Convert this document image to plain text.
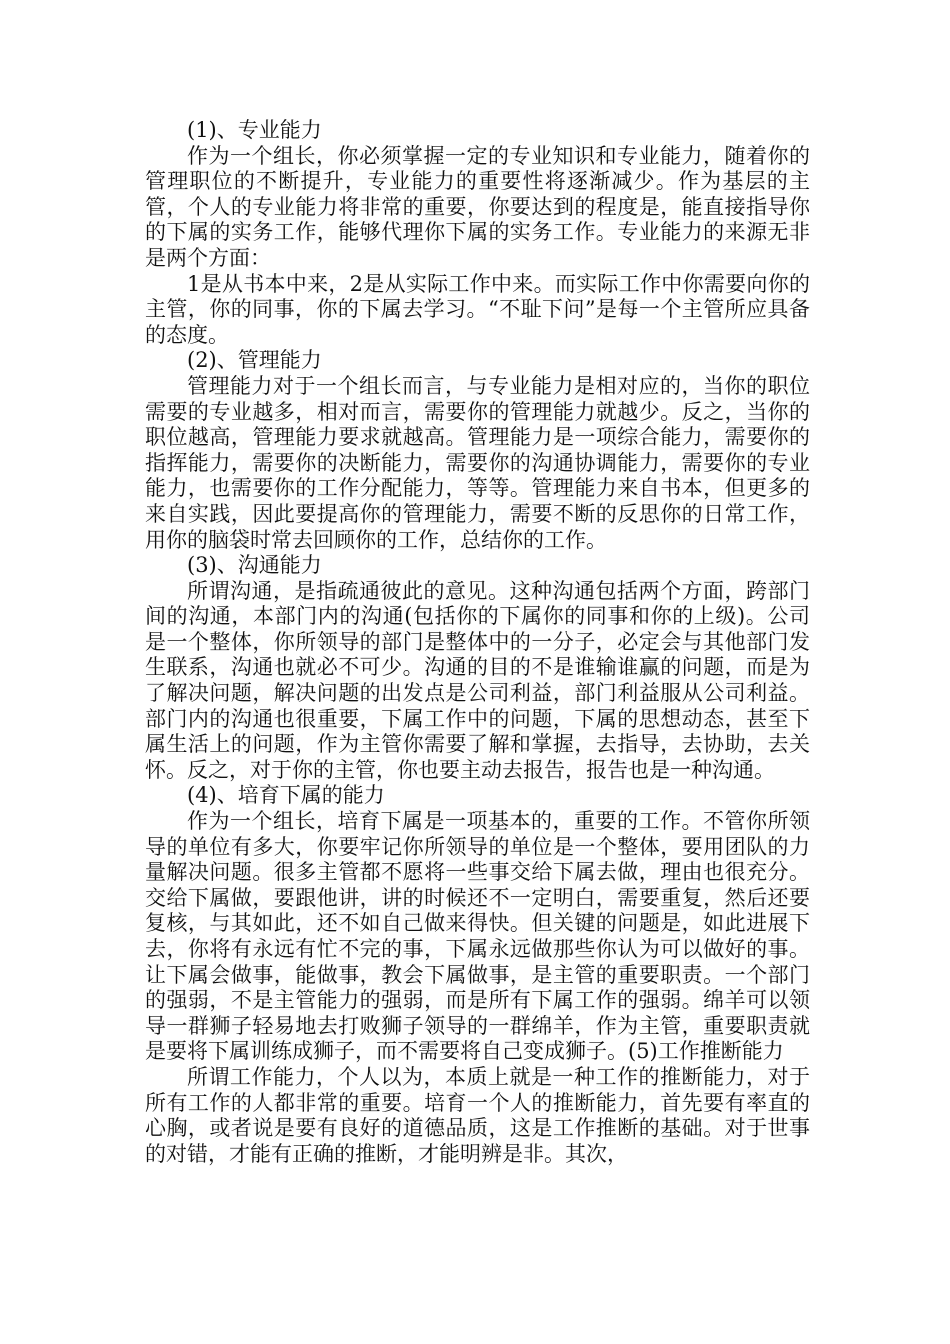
(1)、专业能力

作为一个组长，你必须掌握一定的专业知识和专业能力，随着你的管理职位的不断提升，专业能力的重要性将逐渐减少。作为基层的主管，个人的专业能力将非常的重要，你要达到的程度是，能直接指导你的下属的实务工作，能够代理你下属的实务工作。专业能力的来源无非是两个方面：

1是从书本中来，2是从实际工作中来。而实际工作中你需要向你的主管，你的同事，你的下属去学习。“不耻下问”是每一个主管所应具备的态度。

(2)、管理能力

管理能力对于一个组长而言，与专业能力是相对应的，当你的职位需要的专业越多，相对而言，需要你的管理能力就越少。反之，当你的职位越高，管理能力要求就越高。管理能力是一项综合能力，需要你的指挥能力，需要你的决断能力，需要你的沟通协调能力，需要你的专业能力，也需要你的工作分配能力，等等。管理能力来自书本，但更多的来自实践，因此要提高你的管理能力，需要不断的反思你的日常工作，用你的脑袋时常去回顾你的工作，总结你的工作。

(3)、沟通能力

所谓沟通，是指疏通彼此的意见。这种沟通包括两个方面，跨部门间的沟通，本部门内的沟通(包括你的下属你的同事和你的上级)。公司是一个整体，你所领导的部门是整体中的一分子，必定会与其他部门发生联系，沟通也就必不可少。沟通的目的不是谁输谁赢的问题，而是为了解决问题，解决问题的出发点是公司利益，部门利益服从公司利益。部门内的沟通也很重要，下属工作中的问题，下属的思想动态，甚至下属生活上的问题，作为主管你需要了解和掌握，去指导，去协助，去关怀。反之，对于你的主管，你也要主动去报告，报告也是一种沟通。

(4)、培育下属的能力

作为一个组长，培育下属是一项基本的，重要的工作。不管你所领导的单位有多大，你要牢记你所领导的单位是一个整体，要用团队的力量解决问题。很多主管都不愿将一些事交给下属去做，理由也很充分。交给下属做，要跟他讲，讲的时候还不一定明白，需要重复，然后还要复核，与其如此，还不如自己做来得快。但关键的问题是，如此进展下去，你将有永远有忙不完的事，下属永远做那些你认为可以做好的事。让下属会做事，能做事，教会下属做事，是主管的重要职责。一个部门的强弱，不是主管能力的强弱，而是所有下属工作的强弱。绵羊可以领导一群狮子轻易地去打败狮子领导的一群绵羊，作为主管，重要职责就是要将下属训练成狮子，而不需要将自己变成狮子。(5)工作推断能力

所谓工作能力，个人以为，本质上就是一种工作的推断能力，对于所有工作的人都非常的重要。培育一个人的推断能力，首先要有率直的心胸，或者说是要有良好的道德品质，这是工作推断的基础。对于世事的对错，才能有正确的推断，才能明辨是非。其次，
